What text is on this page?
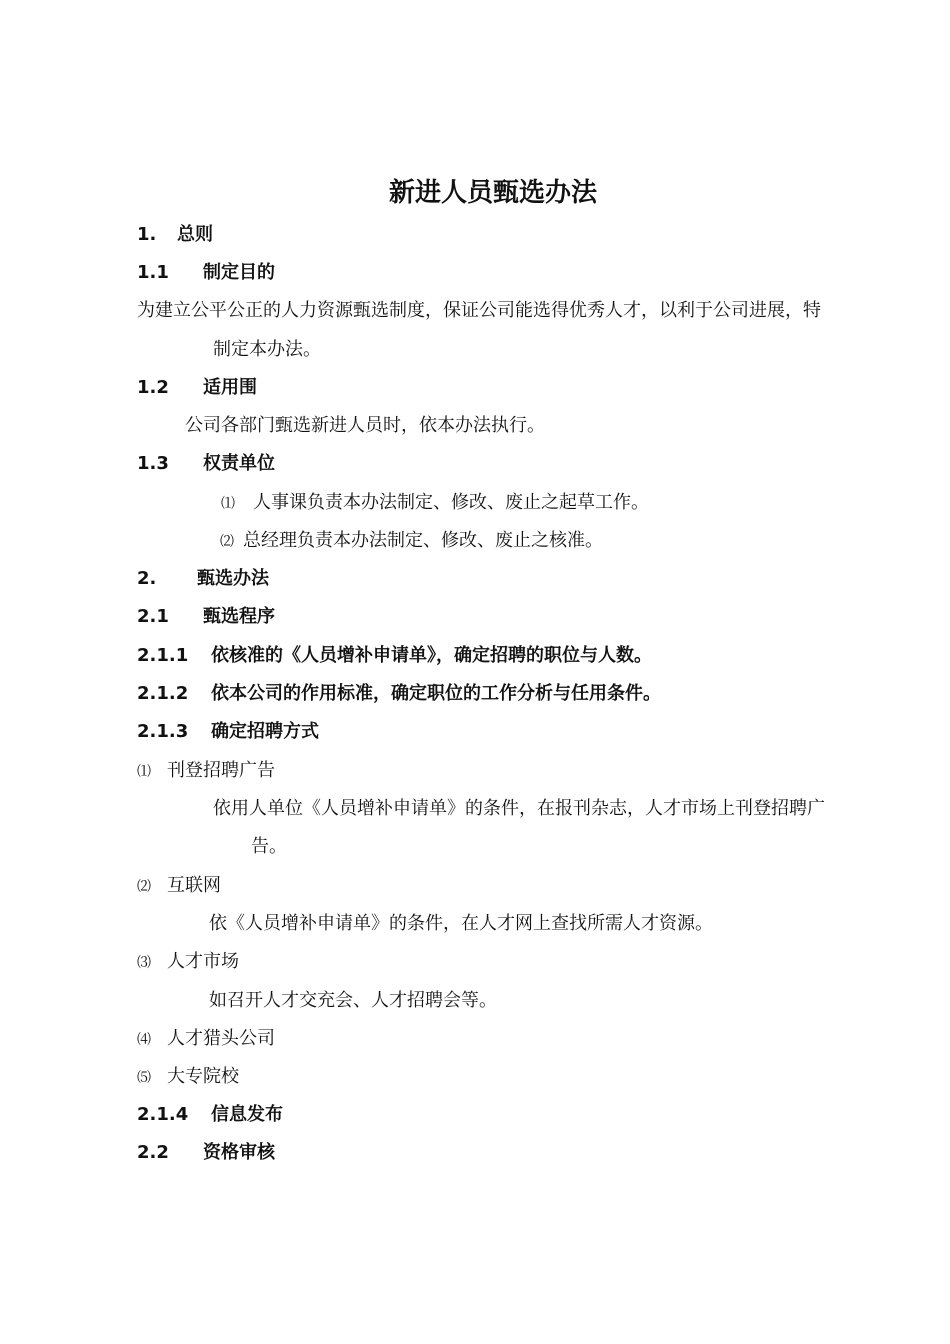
新进人员甄选办法
1. 总则
1.1 制定目的
为建立公平公正的人力资源甄选制度，保证公司能选得优秀人才，以利于公司进展，特
制定本办法。
1.2 适用围
公司各部门甄选新进人员时，依本办法执行。
1.3 权责单位
⑴ 人事课负责本办法制定、修改、废止之起草工作。
⑵ 总经理负责本办法制定、修改、废止之核准。
2. 甄选办法
2.1 甄选程序
2.1.1 依核准的《人员增补申请单》，确定招聘的职位与人数。
2.1.2 依本公司的作用标准，确定职位的工作分析与任用条件。
2.1.3 确定招聘方式
⑴ 刊登招聘广告
依用人单位《人员增补申请单》的条件，在报刊杂志，人才市场上刊登招聘广
告。
⑵ 互联网
依《人员增补申请单》的条件，在人才网上查找所需人才资源。
⑶ 人才市场
如召开人才交充会、人才招聘会等。
⑷ 人才猎头公司
⑸ 大专院校
2.1.4 信息发布
2.2 资格审核
